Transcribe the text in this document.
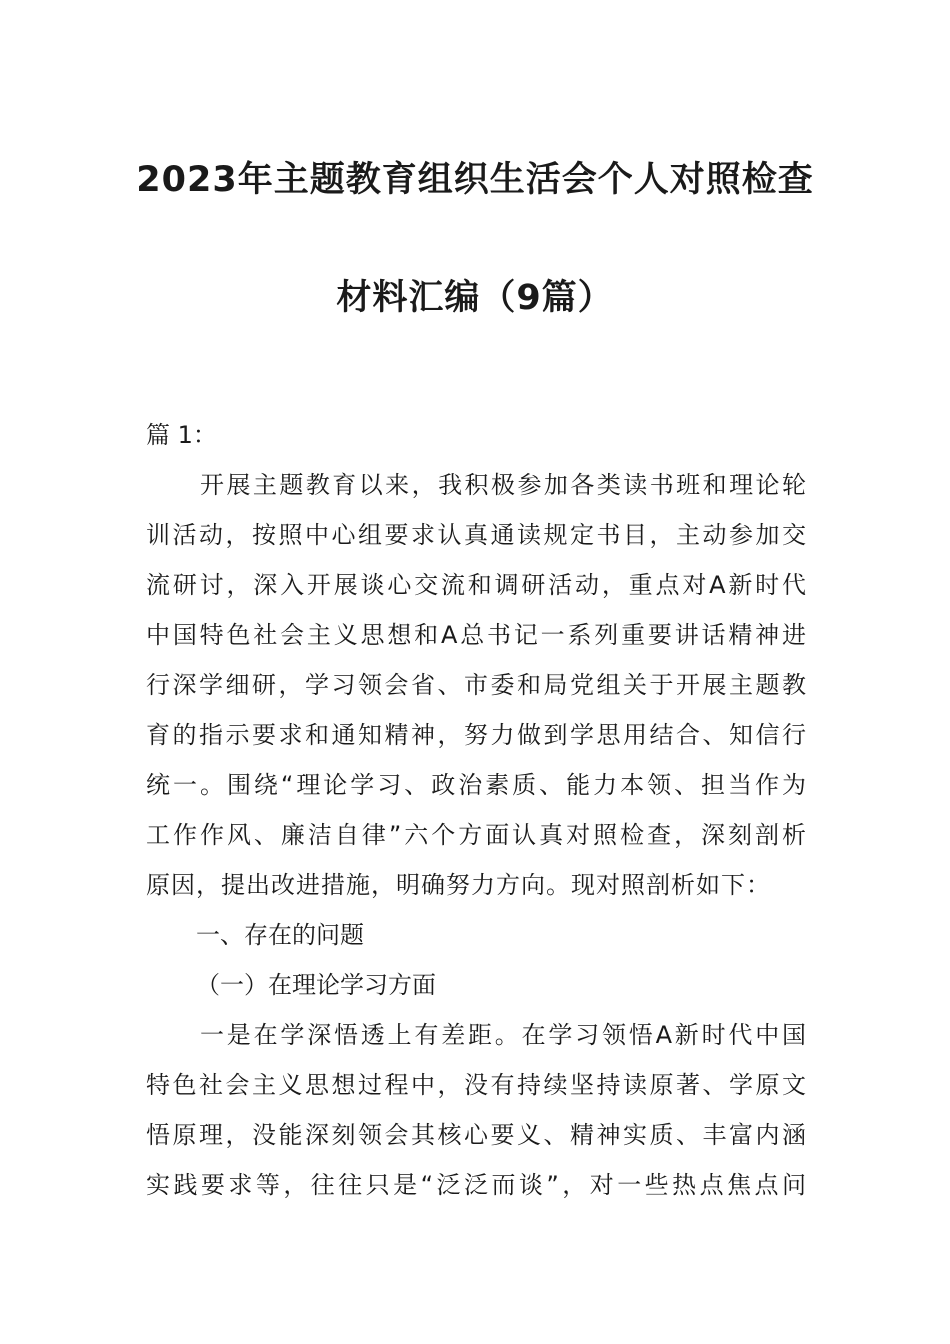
2023年主题教育组织生活会个人对照检查
材料汇编（9篇）
篇 1：
开展主题教育以来，我积极参加各类读书班和理论轮
训活动，按照中心组要求认真通读规定书目，主动参加交
流研讨，深入开展谈心交流和调研活动，重点对A新时代
中国特色社会主义思想和A总书记一系列重要讲话精神进
行深学细研，学习领会省、市委和局党组关于开展主题教
育的指示要求和通知精神，努力做到学思用结合、知信行
统一。围绕“理论学习、政治素质、能力本领、担当作为
工作作风、廉洁自律”六个方面认真对照检查，深刻剖析
原因，提出改进措施，明确努力方向。现对照剖析如下：
一、存在的问题
（一）在理论学习方面
一是在学深悟透上有差距。在学习领悟A新时代中国
特色社会主义思想过程中，没有持续坚持读原著、学原文
悟原理，没能深刻领会其核心要义、精神实质、丰富内涵
实践要求等，往往只是“泛泛而谈”，对一些热点焦点问
